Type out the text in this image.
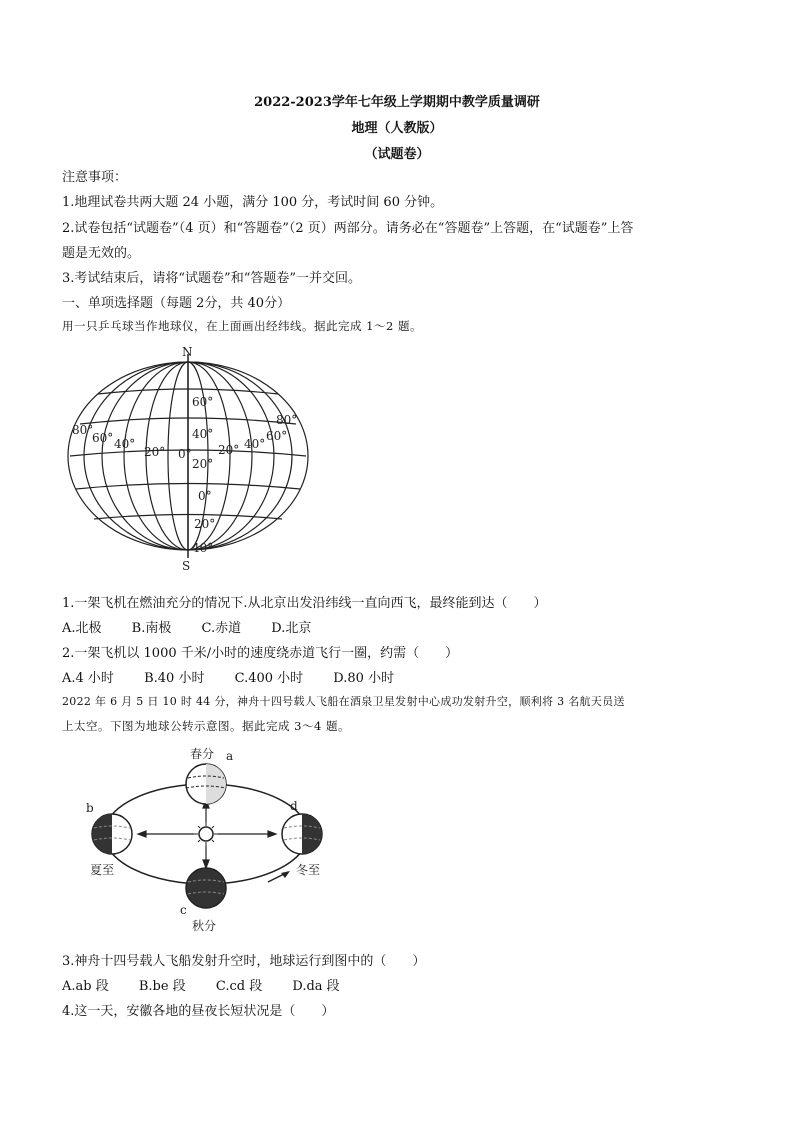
2022-2023学年七年级上学期期中教学质量调研
地理（人教版）
（试题卷）
注意事项：
1.地理试卷共两大题 24 小题，满分 100 分，考试时间 60 分钟。
2.试卷包括“试题卷”（4 页）和“答题卷”（2 页）两部分。请务必在“答题卷”上答题，在“试题卷”上答
题是无效的。
3.考试结束后，请将“试题卷”和“答题卷”一并交回。
一、单项选择题（每题 2分，共 40分）
用一只乒乓球当作地球仪，在上面画出经纬线。据此完成 1～2 题。
N
S
60°
40°
20°
0°
20°
40°
80°
60° 40°
20° 0° 20° 40°
60°
80°
1.一架飞机在燃油充分的情况下.从北京出发沿纬线一直向西飞，最终能到达（　　）
A.北极 B.南极 C.赤道 D.北京
2.一架飞机以 1000 千米/小时的速度绕赤道飞行一圈，约需（　　）
A.4 小时 B.40 小时 C.400 小时 D.80 小时
2022 年 6 月 5 日 10 时 44 分，神舟十四号载人飞船在酒泉卫星发射中心成功发射升空，顺利将 3 名航天员送
上太空。下图为地球公转示意图。据此完成 3～4 题。
春分 a
b
夏至
d
冬至
c
秋分
3.神舟十四号载人飞船发射升空时，地球运行到图中的（　　）
A.ab 段 B.be 段 C.cd 段 D.da 段
4.这一天，安徽各地的昼夜长短状况是（　　）
